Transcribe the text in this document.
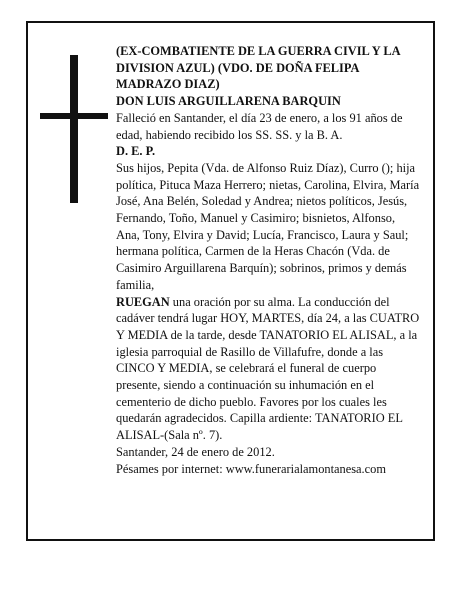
(EX-COMBATIENTE DE LA GUERRA CIVIL Y LA DIVISION AZUL) (VDO. DE DOÑA FELIPA MADRAZO DIAZ)

DON LUIS ARGUILLARENA BARQUIN

Falleció en Santander, el día 23 de enero, a los 91 años de edad, habiendo recibido los SS. SS. y la B. A.

D. E. P.

Sus hijos, Pepita (Vda. de Alfonso Ruiz Díaz), Curro (); hija política, Pituca Maza Herrero; nietas, Carolina, Elvira, María José, Ana Belén, Soledad y Andrea; nietos políticos, Jesús, Fernando, Toño, Manuel y Casimiro; bisnietos, Alfonso, Ana, Tony, Elvira y David; Lucía, Francisco, Laura y Saul; hermana política, Carmen de la Heras Chacón (Vda. de Casimiro Arguillarena Barquín); sobrinos, primos y demás familia,

RUEGAN una oración por su alma. La conducción del cadáver tendrá lugar HOY, MARTES, día 24, a las CUATRO Y MEDIA de la tarde, desde TANATORIO EL ALISAL, a la iglesia parroquial de Rasillo de Villafufre, donde a las CINCO Y MEDIA, se celebrará el funeral de cuerpo presente, siendo a continuación su inhumación en el cementerio de dicho pueblo. Favores por los cuales les quedarán agradecidos. Capilla ardiente: TANATORIO EL ALISAL-(Sala nº. 7).

Santander, 24 de enero de 2012.

Pésames por internet: www.funerarialamontanesa.com
